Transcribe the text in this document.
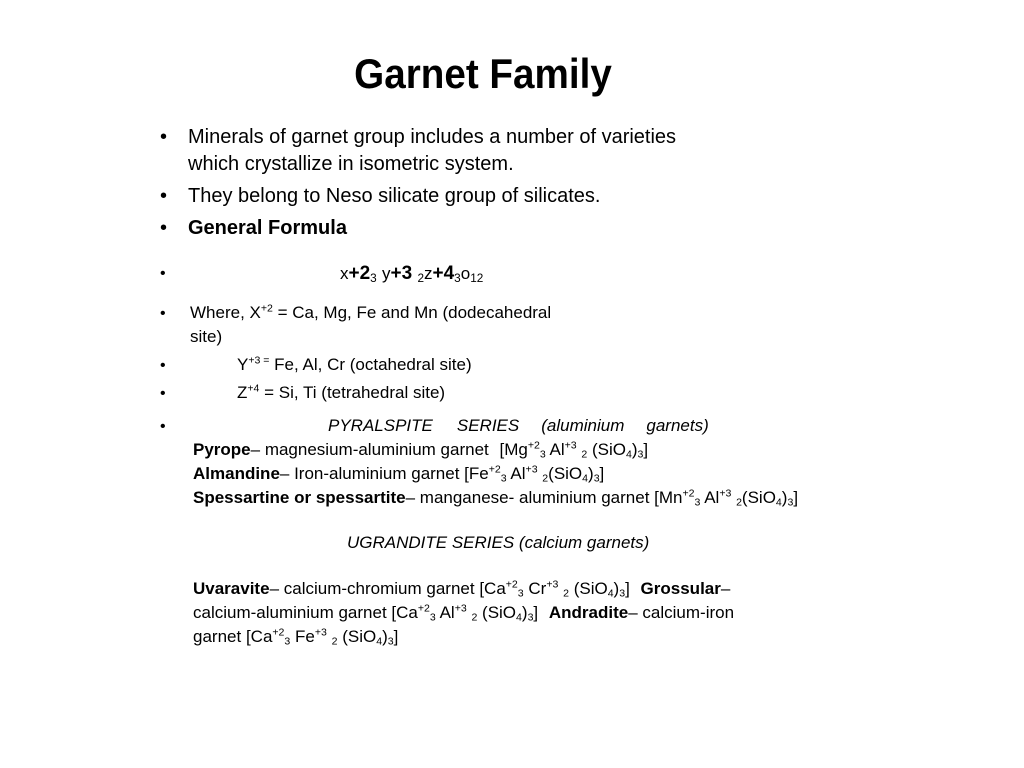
Garnet Family
• Minerals of garnet group includes a number of varieties
which crystallize in isometric system.
• They belong to Neso silicate group of silicates.
• General Formula
•	$x+2_3$ y+3 $_2z+4_3o_{12}$
• Where, $X^{+2} = Ca$, Mg, Fe and Mn (dodecahedral
site)
•	$Y^{+3 =}$ Fe, Al, Cr (octahedral site)
•	$Z^{+4} = Si$, Ti (tetrahedral site)
•	PYRALSPITE SERIES (aluminium garnets)
Pyrope– magnesium-aluminium garnet [$Mg^{+2}_3$ $Al^{+3}$ $_2$ $(SiO_4)_3$]
Almandine– Iron-aluminium garnet [$Fe^{+2}_3$ $Al^{+3}$ $_2(SiO_4)_3$]
Spessartine or spessartite– manganese- aluminium garnet [$Mn^{+2}_3$ $Al^{+3}$ $_2(SiO_4)_3$]
UGRANDITE SERIES (calcium garnets)
Uvaravite– calcium-chromium garnet [$Ca^{+2}_3$ $Cr^{+3}$ $_2$ $(SiO_4)_3$] Grossular–
calcium-aluminium garnet [$Ca^{+2}_3$ $Al^{+3}$ $_2$ $(SiO_4)_3$] Andradite– calcium-iron
garnet [$Ca^{+2}_3$ $Fe^{+3}$ $_2$ $(SiO_4)_3$]
